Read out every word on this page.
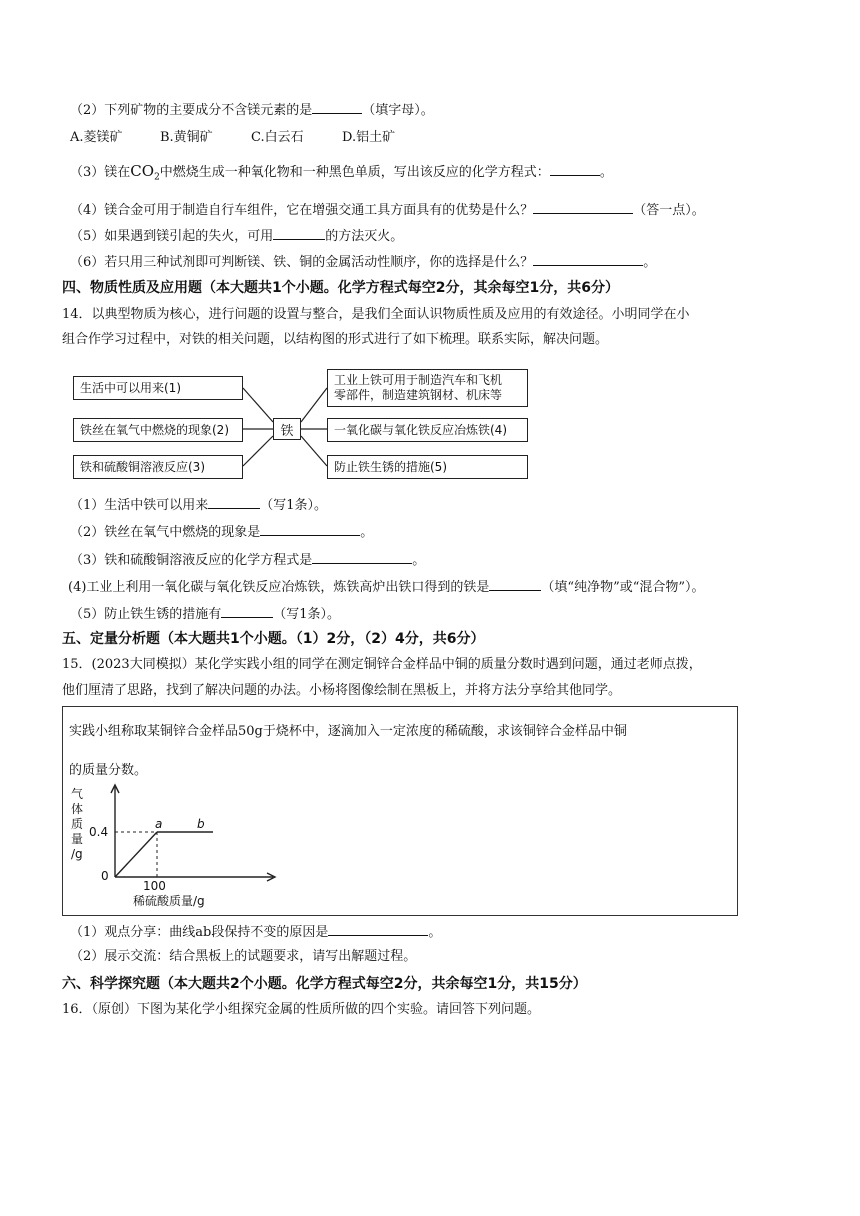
（2）下列矿物的主要成分不含镁元素的是	（填字母）。
A.菱镁矿	B.黄铜矿	C.白云石	D.铝土矿
（3）镁在$CO_2$中燃烧生成一种氧化物和一种黑色单质，写出该反应的化学方程式：	。
（4）镁合金可用于制造自行车组件，它在增强交通工具方面具有的优势是什么？	（答一点）。
（5）如果遇到镁引起的失火，可用	的方法灭火。
（6）若只用三种试剂即可判断镁、铁、铜的金属活动性顺序，你的选择是什么？	。
四、物质性质及应用题（本大题共1个小题。化学方程式每空2分，其余每空1分，共6分）
14．以典型物质为核心，进行问题的设置与整合，是我们全面认识物质性质及应用的有效途径。小明同学在小
组合作学习过程中，对铁的相关问题，以结构图的形式进行了如下梳理。联系实际，解决问题。
生活中可以用来(1)
铁丝在氧气中燃烧的现象(2)
铁和硫酸铜溶液反应(3)
铁
工业上铁可用于制造汽车和飞机
零部件，制造建筑钢材、机床等
一氧化碳与氧化铁反应冶炼铁(4)
防止铁生锈的措施(5)
（1）生活中铁可以用来	（写1条）。
（2）铁丝在氧气中燃烧的现象是	。
（3）铁和硫酸铜溶液反应的化学方程式是	。
(4)工业上利用一氧化碳与氧化铁反应冶炼铁，炼铁高炉出铁口得到的铁是	（填“纯净物”或“混合物”）。
（5）防止铁生锈的措施有	（写1条）。
五、定量分析题（本大题共1个小题。（1）2分，（2）4分，共6分）
15．(2023大同模拟）某化学实践小组的同学在测定铜锌合金样品中铜的质量分数时遇到问题，通过老师点拨，
他们厘清了思路，找到了解决问题的办法。小杨将图像绘制在黑板上，并将方法分享给其他同学。
实践小组称取某铜锌合金样品50g于烧杯中，逐滴加入一定浓度的稀硫酸，求该铜锌合金样品中铜
的质量分数。
气
体
质
量
/g
0.4
0
100
稀硫酸质量/g
a	b
（1）观点分享：曲线ab段保持不变的原因是	。
（2）展示交流：结合黑板上的试题要求，请写出解题过程。
六、科学探究题（本大题共2个小题。化学方程式每空2分，共余每空1分，共15分）
16．（原创）下图为某化学小组探究金属的性质所做的四个实验。请回答下列问题。
